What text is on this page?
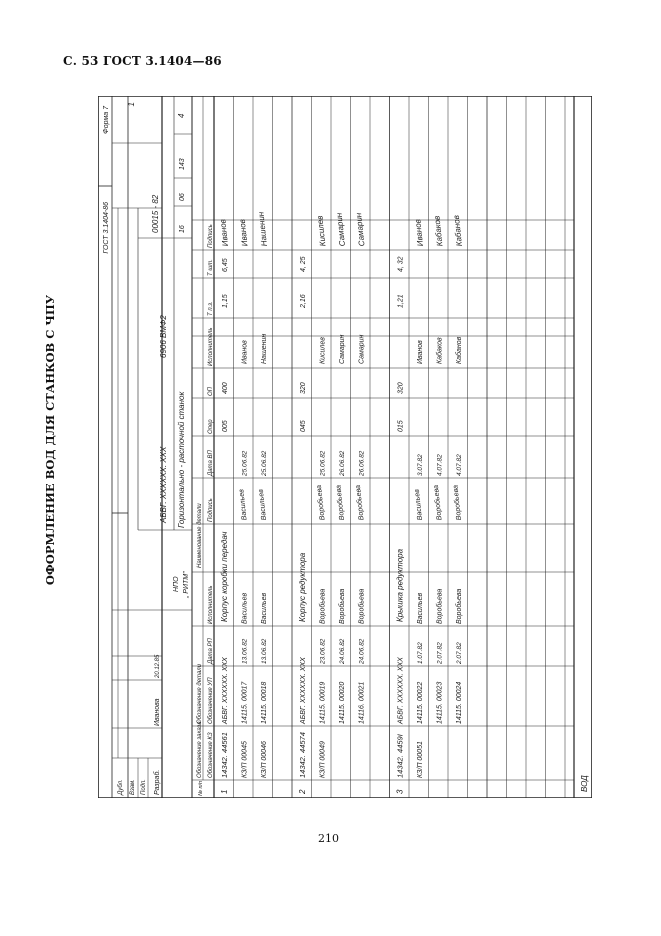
С. 53 ГОСТ 3.1404—86
ОФОРМЛЕНИЕ ВОД ДЛЯ СТАНКОВ С ЧПУ
ГОСТ 3.1404-86
Форма 7
Дубл. Взам. Подп. Разраб.
Иванова
20.12.85
НПО „ РИТМ”
АБВГ. ХХХХХХ. ХХХ
6906 ВМФ2
Горизонтально - расточной станок
00015 - 82	16
06
143
4
1
№ п/п
Обозначение заказа Обозначение КЗ
Обозначение детали Обозначение УП
Дата РП
Исполнитель
Наименование детали Подпись
Дата ВП
Опер
ОП
Исполнитель
Т п.з.
Т шт.
Подпись
1
14342. 44561
Корпус коробки передач
АБВГ. ХХХХХХ. ХХХ
005
400
1,15
6,45
Иванов
КЗ/П 00045
14115. 00017
13.06.82
Васильев
Васильев
25.06.82
Иванов
Иванов
КЗ/П 00046
14115. 00018
13.06.82
Васильев
Васильев
25.06.82
Нашенин
Нашенин
2
14342. 44574
Корпус редуктора
АБВГ. ХХХХХХ. ХХХ
045
320
2,16
4, 25
КЗ/П 00049
14115. 00019
23.06.82
Воробьева
Воробьева
25.06.82
Кисилев
Кисилев
14115. 00020
24.06.82
Воробьева
Воробьева
26.06.82
Самарин
Самарин
14116. 00021
24.06.82
Воробьева
Воробьева
26.06.82
Самарин
Самарин
3
14342. 4459I
Крышка редуктора
АБВГ. ХХХХХХ. ХХХ
015
320
1,21
4, 32
КЗ/П 00051
14115. 00022
1.07.82
Васильев
Васильев
3.07.82
Иванов
Иванов
14115. 00023
2.07.82
Воробьева
Воробьева
4.07.82
Кабаков
Кабаков
14115. 00024
2.07.82
Воробьева
Воробьева
4.07.82
Кабанов
Кабанов
ВОД
210
